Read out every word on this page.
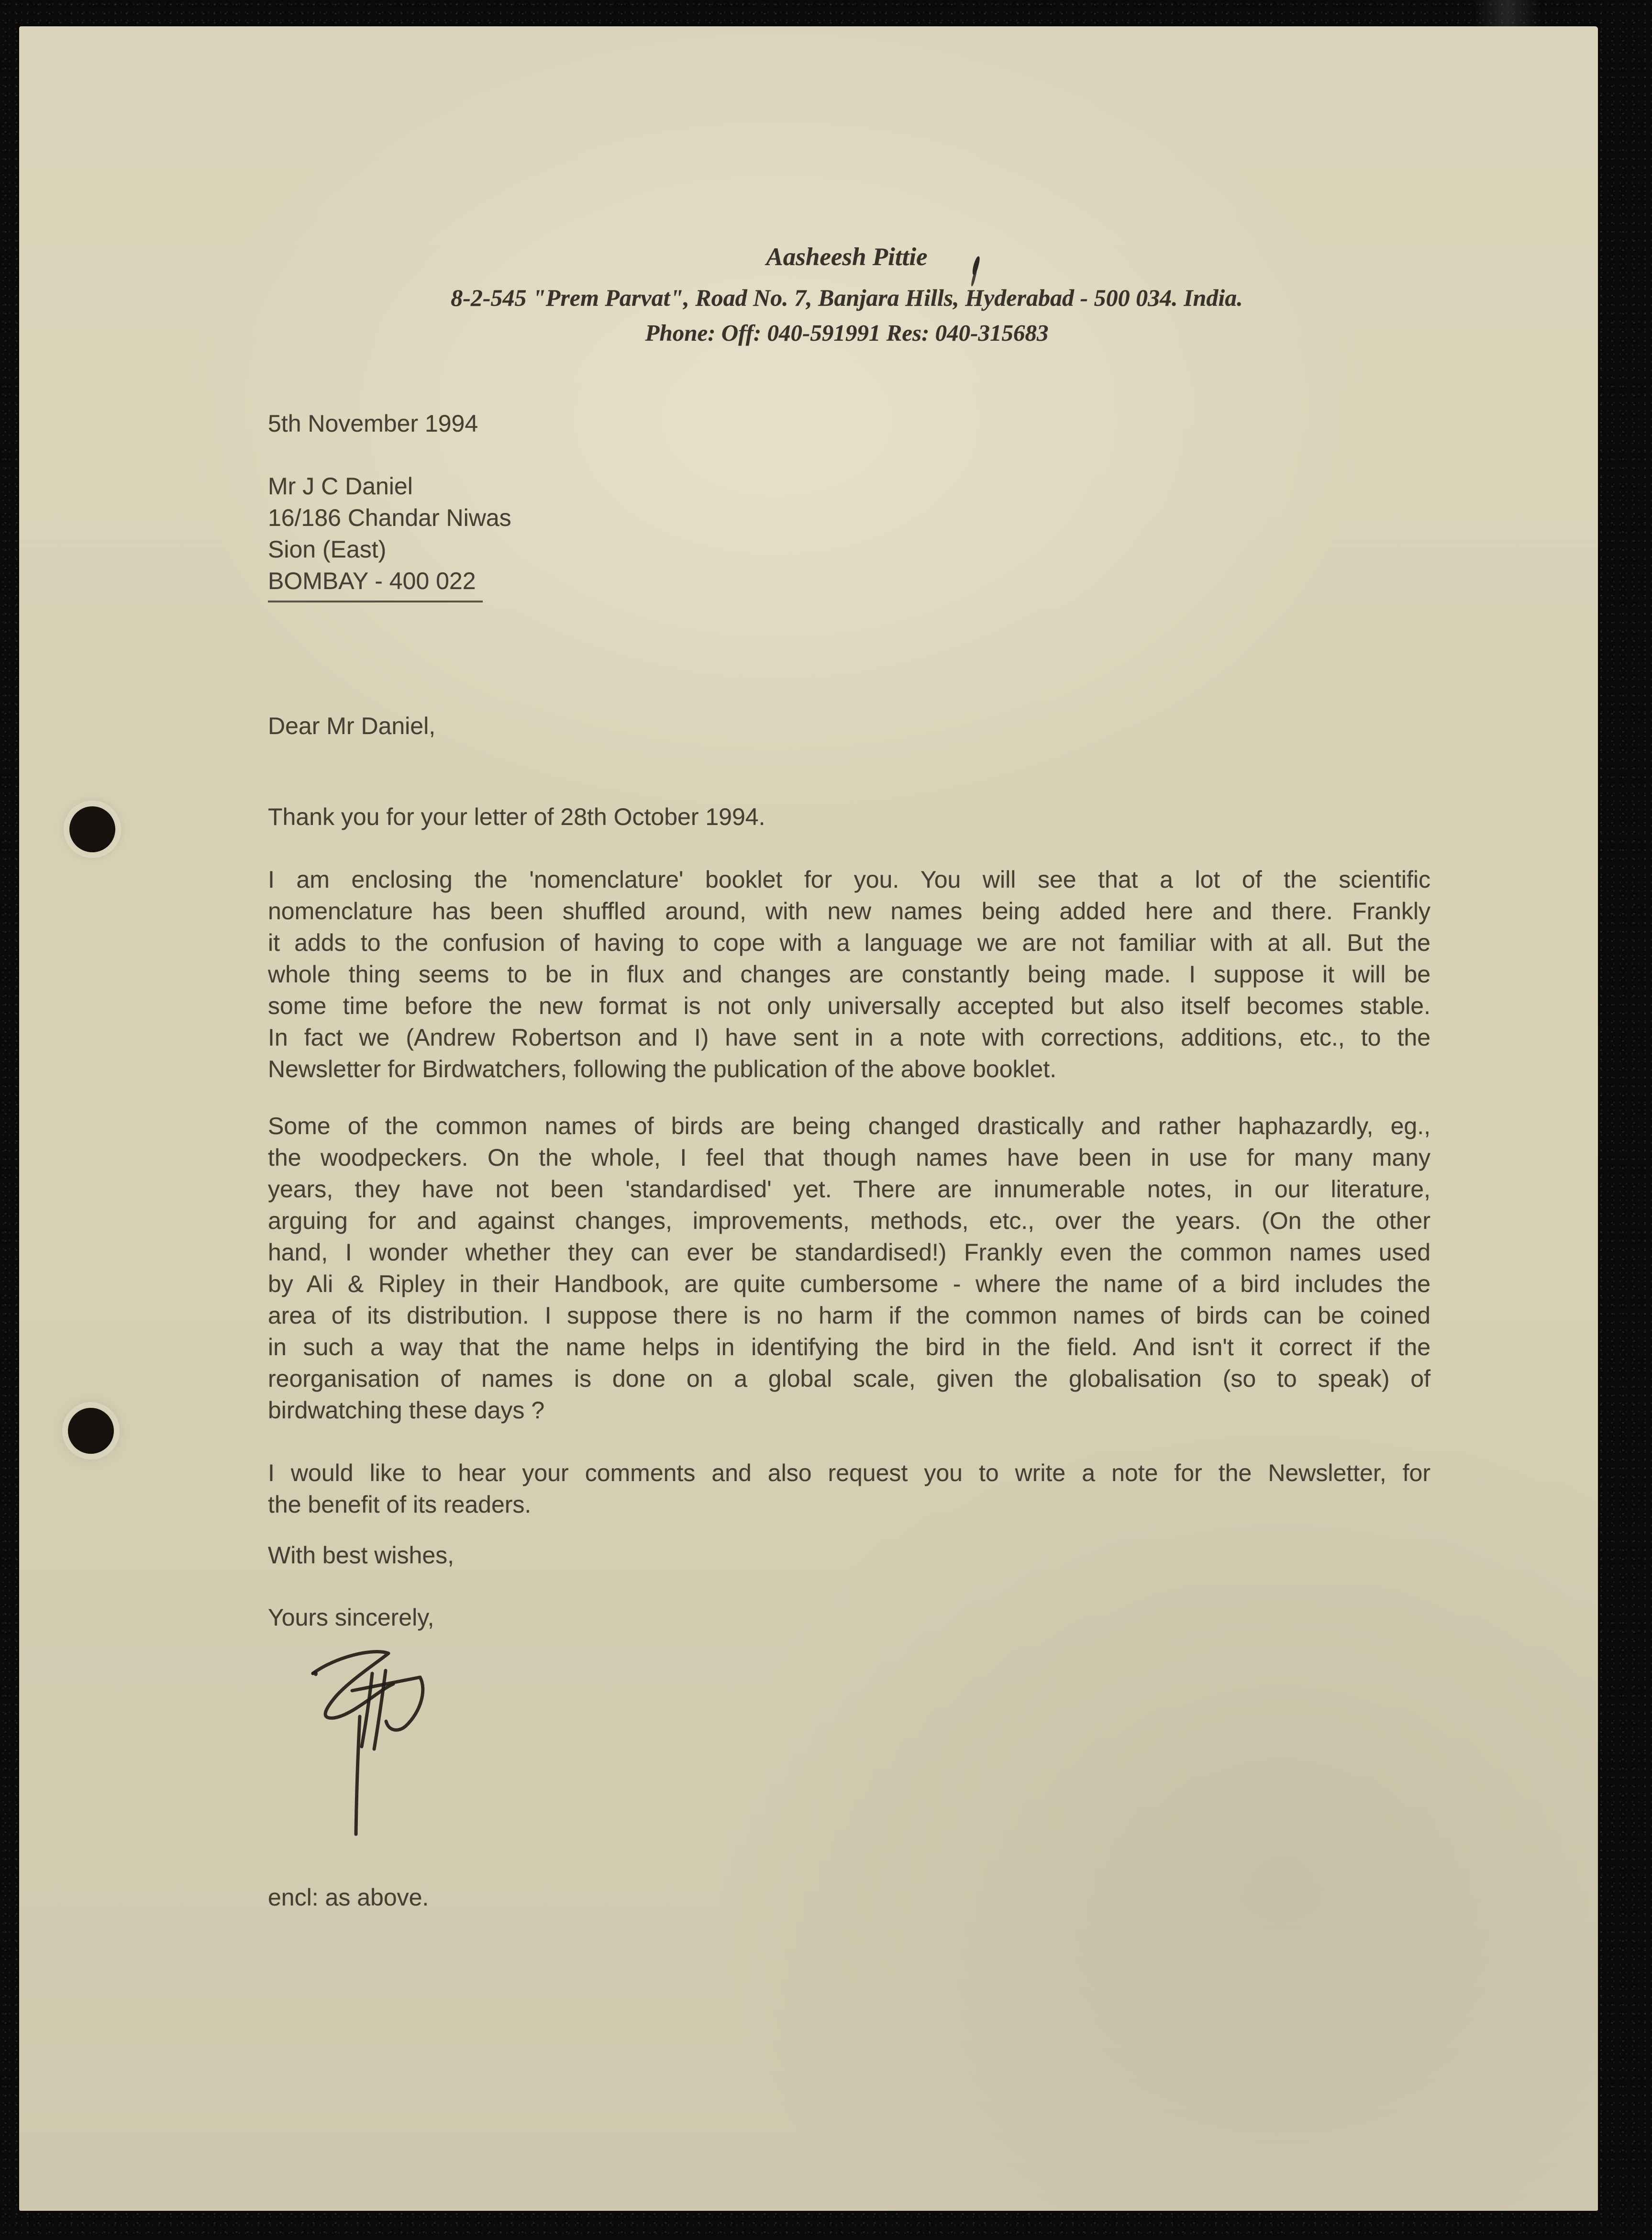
Aasheesh Pittie
8-2-545 "Prem Parvat", Road No. 7, Banjara Hills, Hyderabad - 500 034. India.
Phone: Off: 040-591991 Res: 040-315683
5th November 1994
Mr J C Daniel
16/186 Chandar Niwas
Sion (East)
BOMBAY - 400 022
Dear Mr Daniel,
Thank you for your letter of 28th October 1994.
I am enclosing the 'nomenclature' booklet for you. You will see that a lot of the scientific
nomenclature has been shuffled around, with new names being added here and there. Frankly
it adds to the confusion of having to cope with a language we are not familiar with at all. But the
whole thing seems to be in flux and changes are constantly being made. I suppose it will be
some time before the new format is not only universally accepted but also itself becomes stable.
In fact we (Andrew Robertson and I) have sent in a note with corrections, additions, etc., to the
Newsletter for Birdwatchers, following the publication of the above booklet.
Some of the common names of birds are being changed drastically and rather haphazardly, eg.,
the woodpeckers. On the whole, I feel that though names have been in use for many many
years, they have not been 'standardised' yet. There are innumerable notes, in our literature,
arguing for and against changes, improvements, methods, etc., over the years. (On the other
hand, I wonder whether they can ever be standardised!) Frankly even the common names used
by Ali & Ripley in their Handbook, are quite cumbersome - where the name of a bird includes the
area of its distribution. I suppose there is no harm if the common names of birds can be coined
in such a way that the name helps in identifying the bird in the field. And isn't it correct if the
reorganisation of names is done on a global scale, given the globalisation (so to speak) of
birdwatching these days ?
I would like to hear your comments and also request you to write a note for the Newsletter, for
the benefit of its readers.
With best wishes,
Yours sincerely,
encl: as above.
